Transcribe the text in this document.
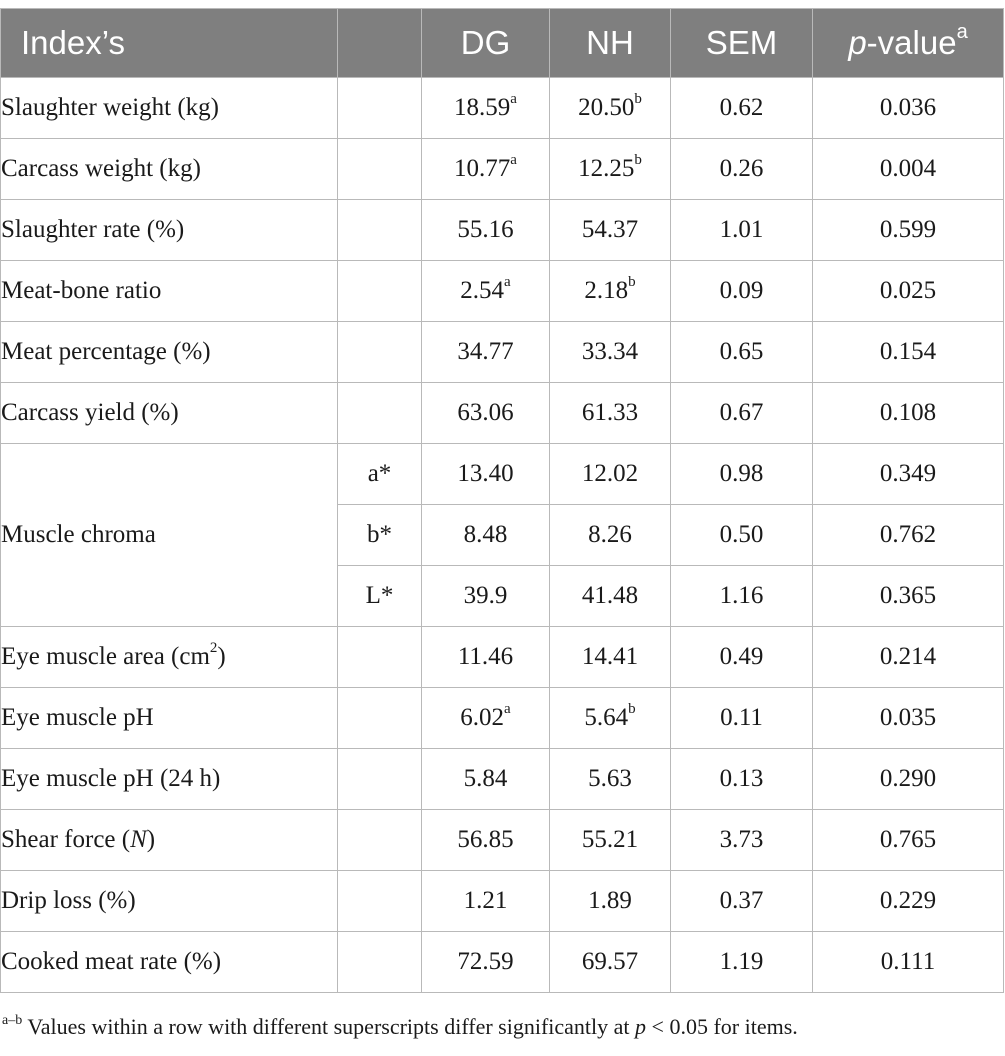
Index’s		DG	NH	SEM	p-value$^a$
Slaughter weight (kg)		18.59$^a$	20.50$^b$	0.62	0.036
Carcass weight (kg)		10.77$^a$	12.25$^b$	0.26	0.004
Slaughter rate (%)		55.16	54.37	1.01	0.599
Meat-bone ratio		2.54$^a$	2.18$^b$	0.09	0.025
Meat percentage (%)		34.77	33.34	0.65	0.154
Carcass yield (%)		63.06	61.33	0.67	0.108
Muscle chroma	a*	13.40	12.02	0.98	0.349
	b*	8.48	8.26	0.50	0.762
	L*	39.9	41.48	1.16	0.365
Eye muscle area $(cm^2)$		11.46	14.41	0.49	0.214
Eye muscle pH		6.02$^a$	5.64$^b$	0.11	0.035
Eye muscle pH (24 h)		5.84	5.63	0.13	0.290
Shear force (N)		56.85	55.21	3.73	0.765
Drip loss (%)		1.21	1.89	0.37	0.229
Cooked meat rate (%)		72.59	69.57	1.19	0.111
$^{a-b}$ Values within a row with different superscripts differ significantly at p < 0.05 for items.
